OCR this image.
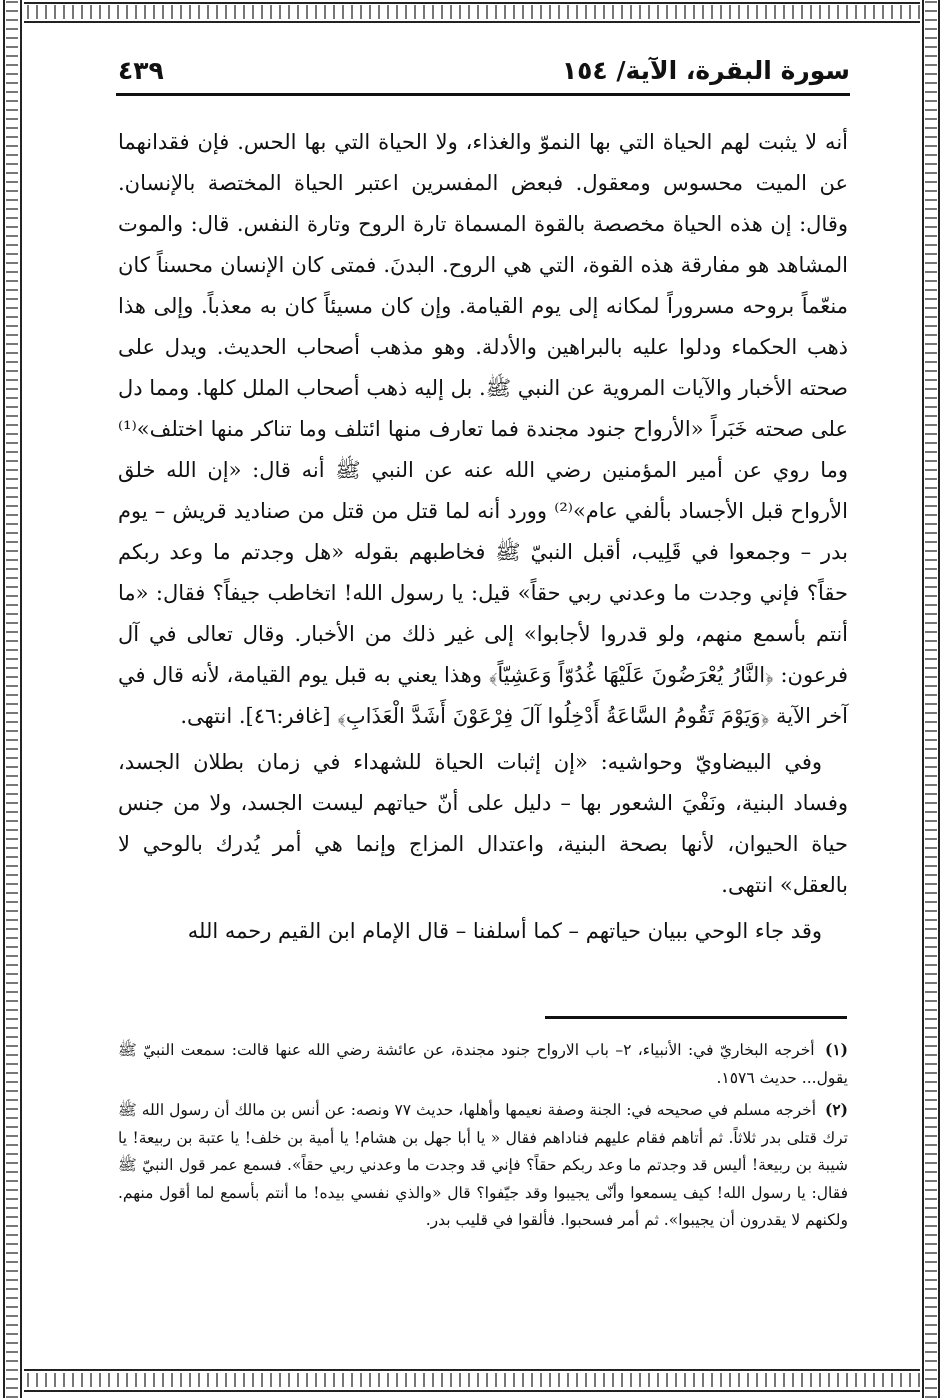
سورة البقرة، الآية/ ١٥٤
٤٣٩

أنه لا يثبت لهم الحياة التي بها النموّ والغذاء، ولا الحياة التي بها الحس. فإن فقدانهما عن الميت محسوس ومعقول. فبعض المفسرين اعتبر الحياة المختصة بالإنسان. وقال: إن هذه الحياة مخصصة بالقوة المسماة تارة الروح وتارة النفس. قال: والموت المشاهد هو مفارقة هذه القوة، التي هي الروح. البدنَ. فمتى كان الإنسان محسناً كان منعّماً بروحه مسروراً لمكانه إلى يوم القيامة. وإن كان مسيئاً كان به معذباً. وإلى هذا ذهب الحكماء ودلوا عليه بالبراهين والأدلة. وهو مذهب أصحاب الحديث. ويدل على صحته الأخبار والآيات المروية عن النبي ﷺ. بل إليه ذهب أصحاب الملل كلها. ومما دل على صحته خَبَراً «الأرواح جنود مجندة فما تعارف منها ائتلف وما تناكر منها اختلف»⁽¹⁾ وما روي عن أمير المؤمنين رضي الله عنه عن النبي ﷺ أنه قال: «إن الله خلق الأرواح قبل الأجساد بألفي عام»⁽²⁾ وورد أنه لما قتل من قتل من صناديد قريش – يوم بدر – وجمعوا في قَلِيب، أقبل النبيّ ﷺ فخاطبهم بقوله «هل وجدتم ما وعد ربكم حقاً؟ فإني وجدت ما وعدني ربي حقاً» قيل: يا رسول الله! اتخاطب جيفاً؟ فقال: «ما أنتم بأسمع منهم، ولو قدروا لأجابوا» إلى غير ذلك من الأخبار. وقال تعالى في آل فرعون: ﴿النَّارُ يُعْرَضُونَ عَلَيْهَا غُدُوّاً وَعَشِيّاً﴾ وهذا يعني به قبل يوم القيامة، لأنه قال في آخر الآية ﴿وَيَوْمَ تَقُومُ السَّاعَةُ أَدْخِلُوا آلَ فِرْعَوْنَ أَشَدَّ الْعَذَابِ﴾ [غافر:٤٦]. انتهى.

وفي البيضاويّ وحواشيه: «إن إثبات الحياة للشهداء في زمان بطلان الجسد، وفساد البنية، ونَفْيَ الشعور بها – دليل على أنّ حياتهم ليست الجسد، ولا من جنس حياة الحيوان، لأنها بصحة البنية، واعتدال المزاج وإنما هي أمر يُدرك بالوحي لا بالعقل» انتهى.

وقد جاء الوحي ببيان حياتهم – كما أسلفنا – قال الإمام ابن القيم رحمه الله

(١) أخرجه البخاريّ في: الأنبياء، ٢– باب الارواح جنود مجندة، عن عائشة رضي الله عنها قالت: سمعت النبيّ ﷺ يقول... حديث ١٥٧٦.

(٢) أخرجه مسلم في صحيحه في: الجنة وصفة نعيمها وأهلها، حديث ٧٧ ونصه: عن أنس بن مالك أن رسول الله ﷺ ترك قتلى بدر ثلاثاً. ثم أتاهم فقام عليهم فناداهم فقال « يا أبا جهل بن هشام! يا أمية بن خلف! يا عتبة بن ربيعة! يا شيبة بن ربيعة! أليس قد وجدتم ما وعد ربكم حقاً؟ فإني قد وجدت ما وعدني ربي حقاً». فسمع عمر قول النبيّ ﷺ فقال: يا رسول الله! كيف يسمعوا وأنّى يجيبوا وقد جيّفوا؟ قال «والذي نفسي بيده! ما أنتم بأسمع لما أقول منهم. ولكنهم لا يقدرون أن يجيبوا». ثم أمر فسحبوا. فألقوا في قليب بدر.
